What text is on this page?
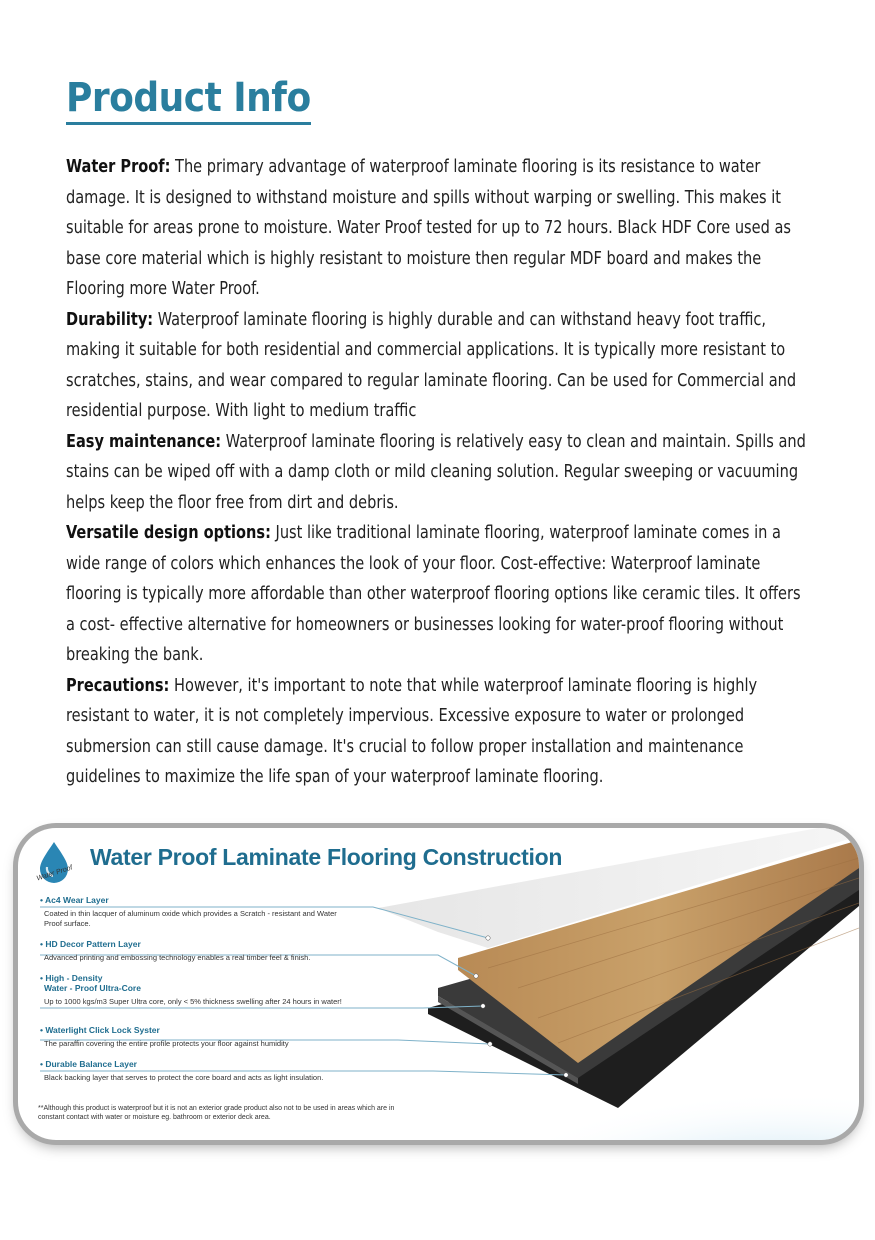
Product Info
Water Proof: The primary advantage of waterproof laminate flooring is its resistance to water damage. It is designed to withstand moisture and spills without warping or swelling. This makes it suitable for areas prone to moisture. Water Proof tested for up to 72 hours. Black HDF Core used as base core material which is highly resistant to moisture then regular MDF board and makes the Flooring more Water Proof.
Durability: Waterproof laminate flooring is highly durable and can withstand heavy foot traffic, making it suitable for both residential and commercial applications. It is typically more resistant to scratches, stains, and wear compared to regular laminate flooring. Can be used for Commercial and residential purpose. With light to medium traffic
Easy maintenance: Waterproof laminate flooring is relatively easy to clean and maintain. Spills and stains can be wiped off with a damp cloth or mild cleaning solution. Regular sweeping or vacuuming helps keep the floor free from dirt and debris.
Versatile design options: Just like traditional laminate flooring, waterproof laminate comes in a wide range of colors which enhances the look of your floor. Cost-effective: Waterproof laminate flooring is typically more affordable than other waterproof flooring options like ceramic tiles. It offers a cost- effective alternative for homeowners or businesses looking for water-proof flooring without breaking the bank.
Precautions: However, it's important to note that while waterproof laminate flooring is highly resistant to water, it is not completely impervious. Excessive exposure to water or prolonged submersion can still cause damage. It's crucial to follow proper installation and maintenance guidelines to maximize the life span of your waterproof laminate flooring.
Water Proof
Water Proof Laminate Flooring Construction
• Ac4 Wear Layer
Coated in thin lacquer of aluminum oxide which provides a Scratch - resistant and Water Proof surface.
• HD Decor Pattern Layer
Advanced printing and embossing technology enables a real timber feel & finish.
• High - Density
Water - Proof Ultra-Core
Up to 1000 kgs/m3 Super Ultra core, only < 5% thickness swelling after 24 hours in water!
• Waterlight Click Lock Syster
The paraffin covering the entire profile protects your floor against humidity
• Durable Balance Layer
Black backing layer that serves to protect the core board and acts as light insulation.
**Although this product is waterproof but it is not an exterior grade product also not to be used in areas which are in constant contact with water or moisture eg. bathroom or exterior deck area.
